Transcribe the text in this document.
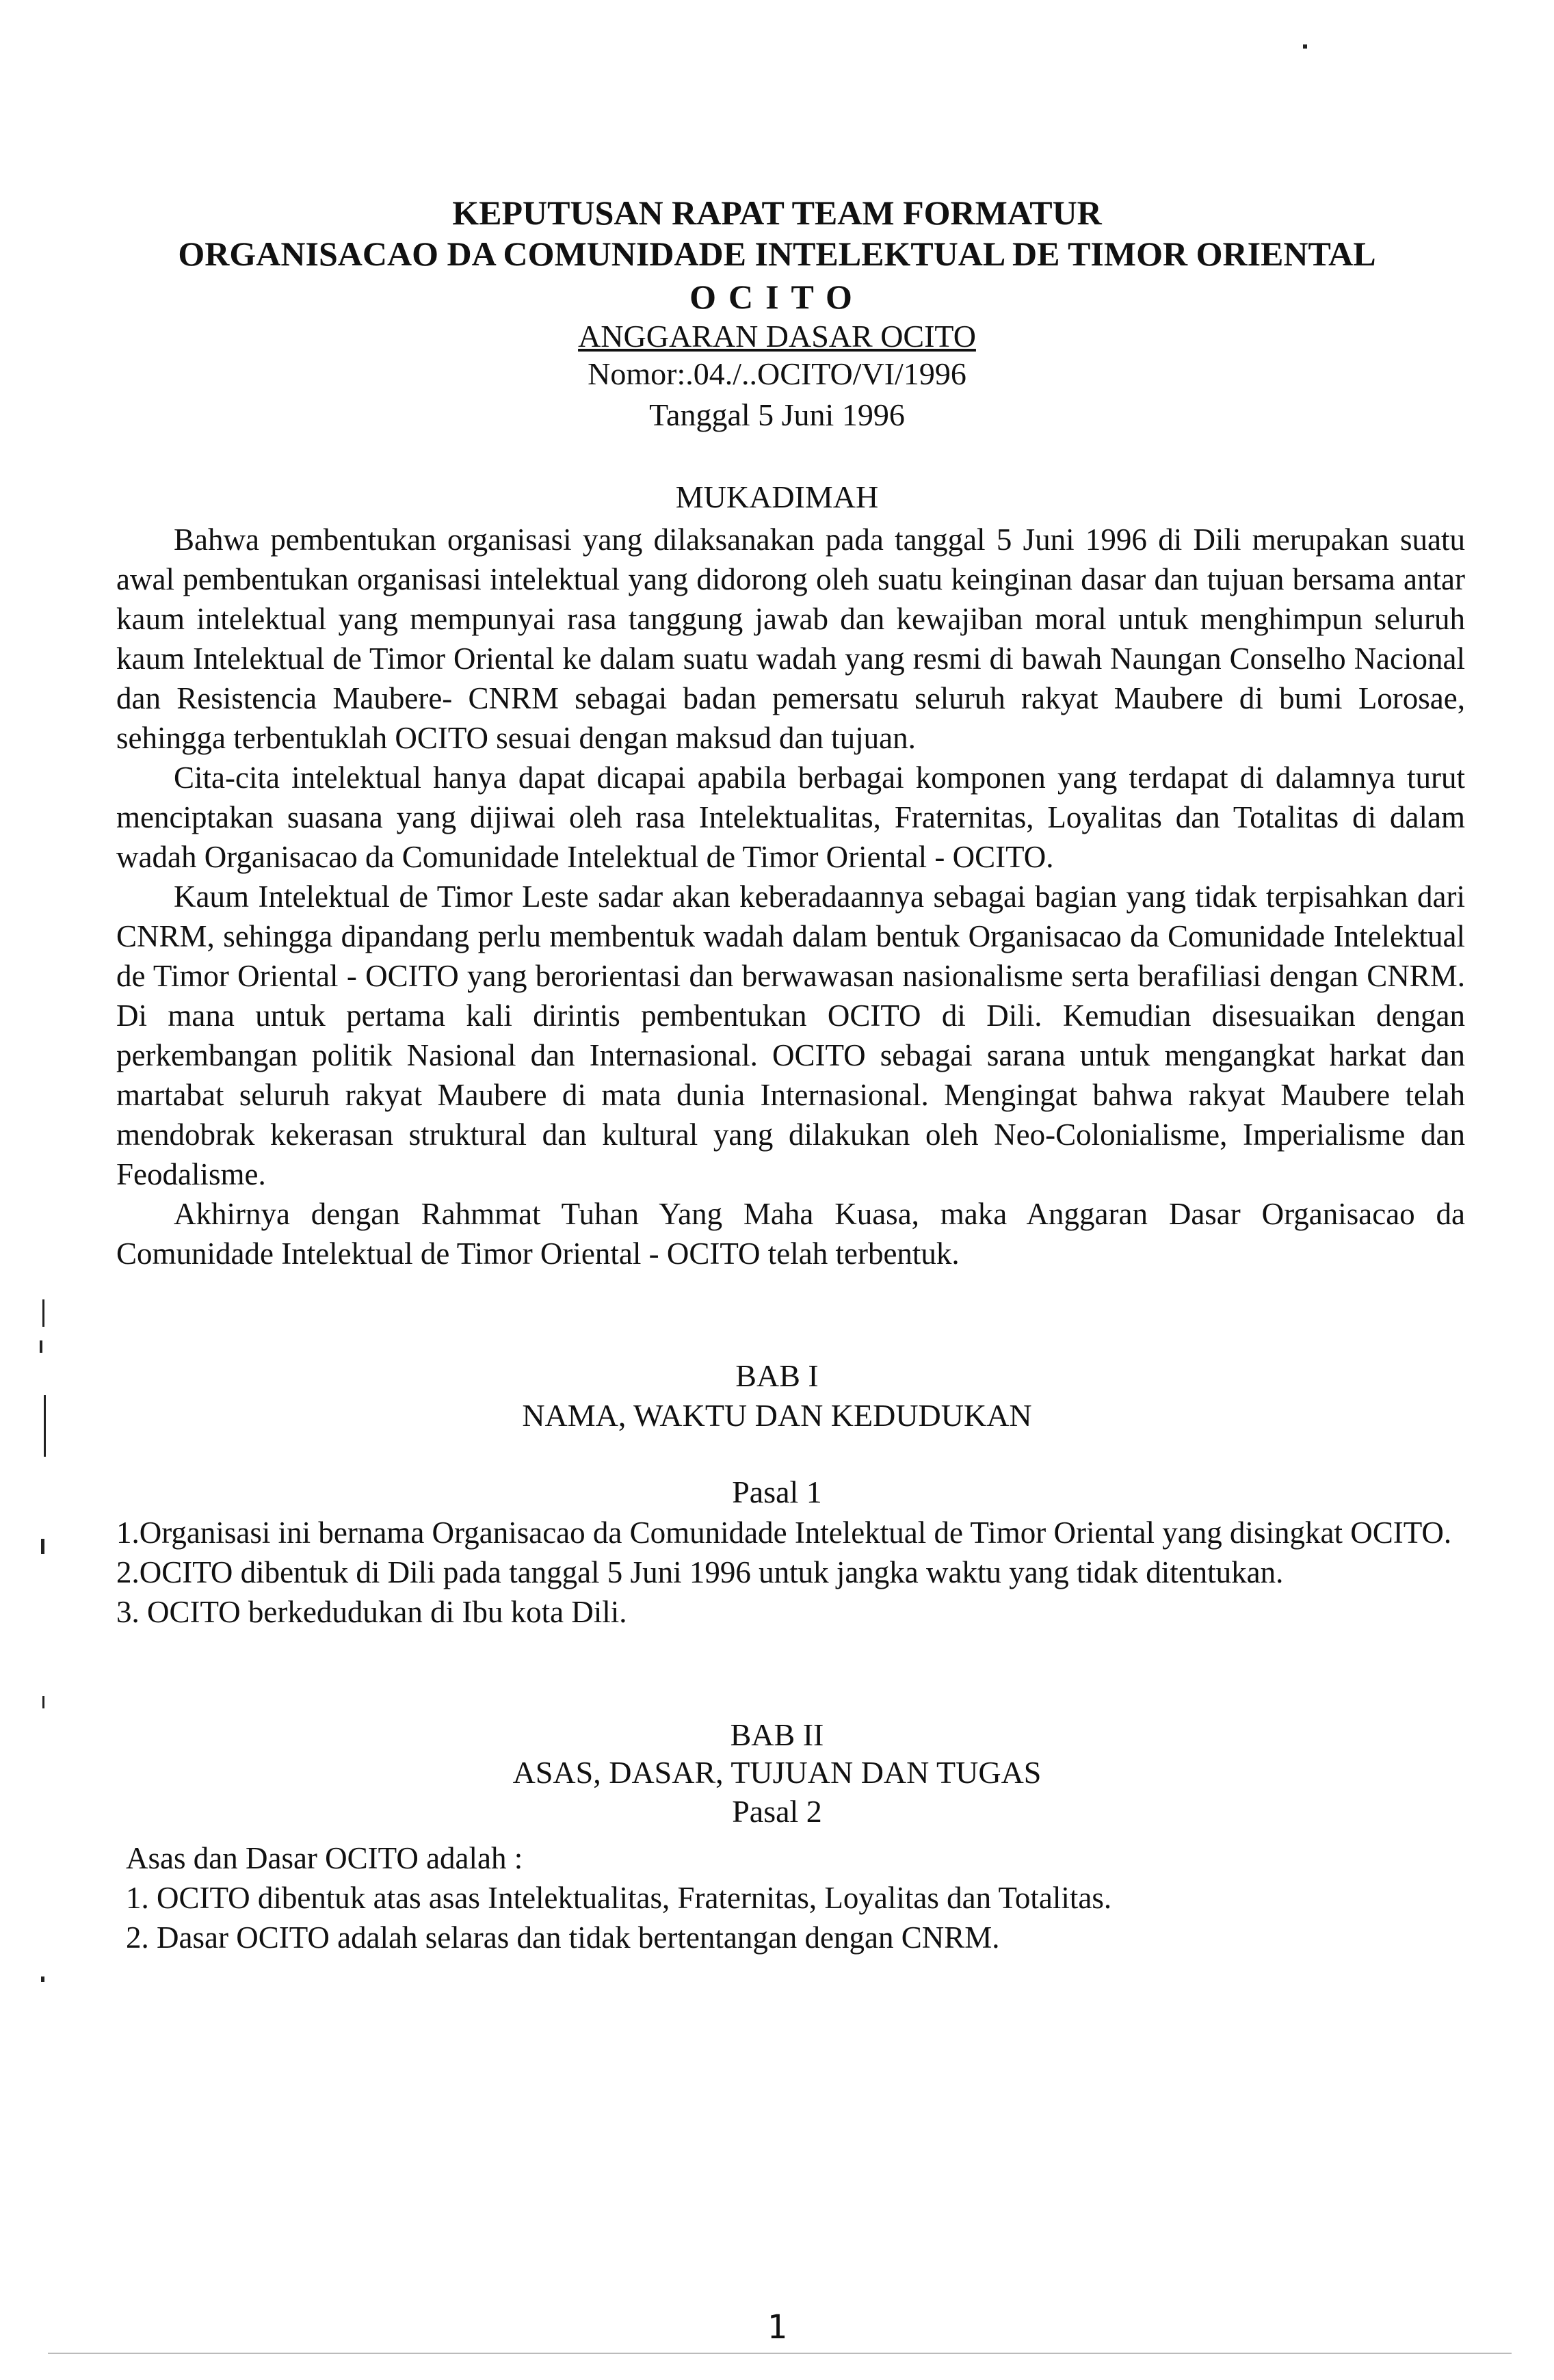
KEPUTUSAN RAPAT TEAM FORMATUR
ORGANISACAO DA COMUNIDADE INTELEKTUAL DE TIMOR ORIENTAL
OCITO
ANGGARAN DASAR OCITO
Nomor:.04./..OCITO/VI/1996
Tanggal 5 Juni 1996
MUKADIMAH

Bahwa pembentukan organisasi yang dilaksanakan pada tanggal 5 Juni 1996 di Dili merupakan suatu awal pembentukan organisasi intelektual yang didorong oleh suatu keinginan dasar dan tujuan bersama antar kaum intelektual yang mempunyai rasa tanggung jawab dan kewajiban moral untuk menghimpun seluruh kaum Intelektual de Timor Oriental ke dalam suatu wadah yang resmi di bawah Naungan Conselho Nacional dan Resistencia Maubere- CNRM sebagai badan pemersatu seluruh rakyat Maubere di bumi Lorosae, sehingga terbentuklah OCITO sesuai dengan maksud dan tujuan.

Cita-cita intelektual hanya dapat dicapai apabila berbagai komponen yang terdapat di dalamnya turut menciptakan suasana yang dijiwai oleh rasa Intelektualitas, Fraternitas, Loyalitas dan Totalitas di dalam wadah Organisacao da Comunidade Intelektual de Timor Oriental - OCITO.

Kaum Intelektual de Timor Leste sadar akan keberadaannya sebagai bagian yang tidak terpisahkan dari CNRM, sehingga dipandang perlu membentuk wadah dalam bentuk Organisacao da Comunidade Intelektual de Timor Oriental - OCITO yang berorientasi dan berwawasan nasionalisme serta berafiliasi dengan CNRM. Di mana untuk pertama kali dirintis pembentukan OCITO di Dili. Kemudian disesuaikan dengan perkembangan politik Nasional dan Internasional. OCITO sebagai sarana untuk mengangkat harkat dan martabat seluruh rakyat Maubere di mata dunia Internasional. Mengingat bahwa rakyat Maubere telah mendobrak kekerasan struktural dan kultural yang dilakukan oleh Neo-Colonialisme, Imperialisme dan Feodalisme.

Akhirnya dengan Rahmmat Tuhan Yang Maha Kuasa, maka Anggaran Dasar Organisacao da Comunidade Intelektual de Timor Oriental - OCITO telah terbentuk.

BAB I
NAMA, WAKTU DAN KEDUDUKAN
Pasal 1

1.Organisasi ini bernama Organisacao da Comunidade Intelektual de Timor Oriental yang disingkat OCITO.

2.OCITO dibentuk di Dili pada tanggal 5 Juni 1996 untuk jangka waktu yang tidak ditentukan.

3. OCITO berkedudukan di Ibu kota Dili.

BAB II
ASAS, DASAR, TUJUAN DAN TUGAS
Pasal 2

Asas dan Dasar OCITO adalah :

1. OCITO dibentuk atas asas Intelektualitas, Fraternitas, Loyalitas dan Totalitas.

2. Dasar OCITO adalah selaras dan tidak bertentangan dengan CNRM.

1
